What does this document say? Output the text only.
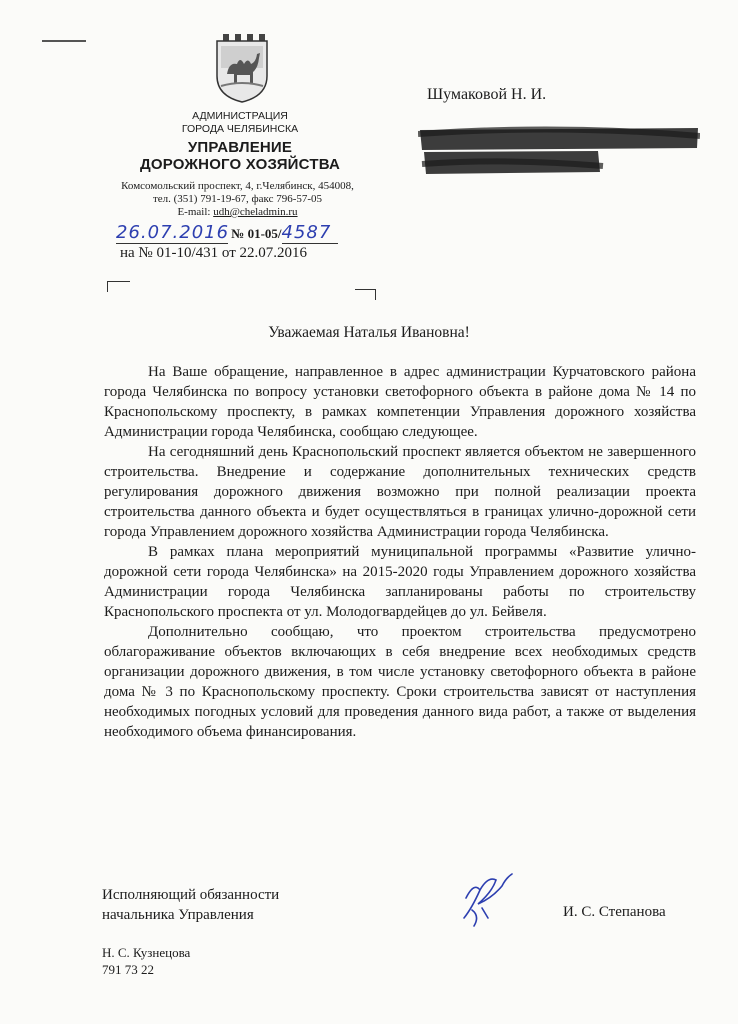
АДМИНИСТРАЦИЯ
ГОРОДА ЧЕЛЯБИНСКА
УПРАВЛЕНИЕ
ДОРОЖНОГО ХОЗЯЙСТВА
Комсомольский проспект, 4, г.Челябинск, 454008,
тел. (351) 791-19-67, факс 796-57-05
E-mail: udh@cheladmin.ru
26.07.2016 № 01-05/4587
на № 01-10/431 от 22.07.2016
Шумаковой Н. И.
Уважаемая Наталья Ивановна!

На Ваше обращение, направленное в адрес администрации Курчатовского района города Челябинска по вопросу установки светофорного объекта в районе дома № 14 по Краснопольскому проспекту, в рамках компетенции Управления дорожного хозяйства Администрации города Челябинска, сообщаю следующее.

На сегодняшний день Краснопольский проспект является объектом не завершенного строительства. Внедрение и содержание дополнительных технических средств регулирования дорожного движения возможно при полной реализации проекта строительства данного объекта и будет осуществляться в границах улично-дорожной сети города Управлением дорожного хозяйства Администрации города Челябинска.

В рамках плана мероприятий муниципальной программы «Развитие улично-дорожной сети города Челябинска» на 2015-2020 годы Управлением дорожного хозяйства Администрации города Челябинска запланированы работы по строительству Краснопольского проспекта от ул. Молодогвардейцев до ул. Бейвеля.

Дополнительно сообщаю, что проектом строительства предусмотрено облагораживание объектов включающих в себя внедрение всех необходимых средств организации дорожного движения, в том числе установку светофорного объекта в районе дома № 3 по Краснопольскому проспекту. Сроки строительства зависят от наступления необходимых погодных условий для проведения данного вида работ, а также от выделения необходимого объема финансирования.

Исполняющий обязанности
начальника Управления	И. С. Степанова
Н. С. Кузнецова
791 73 22
